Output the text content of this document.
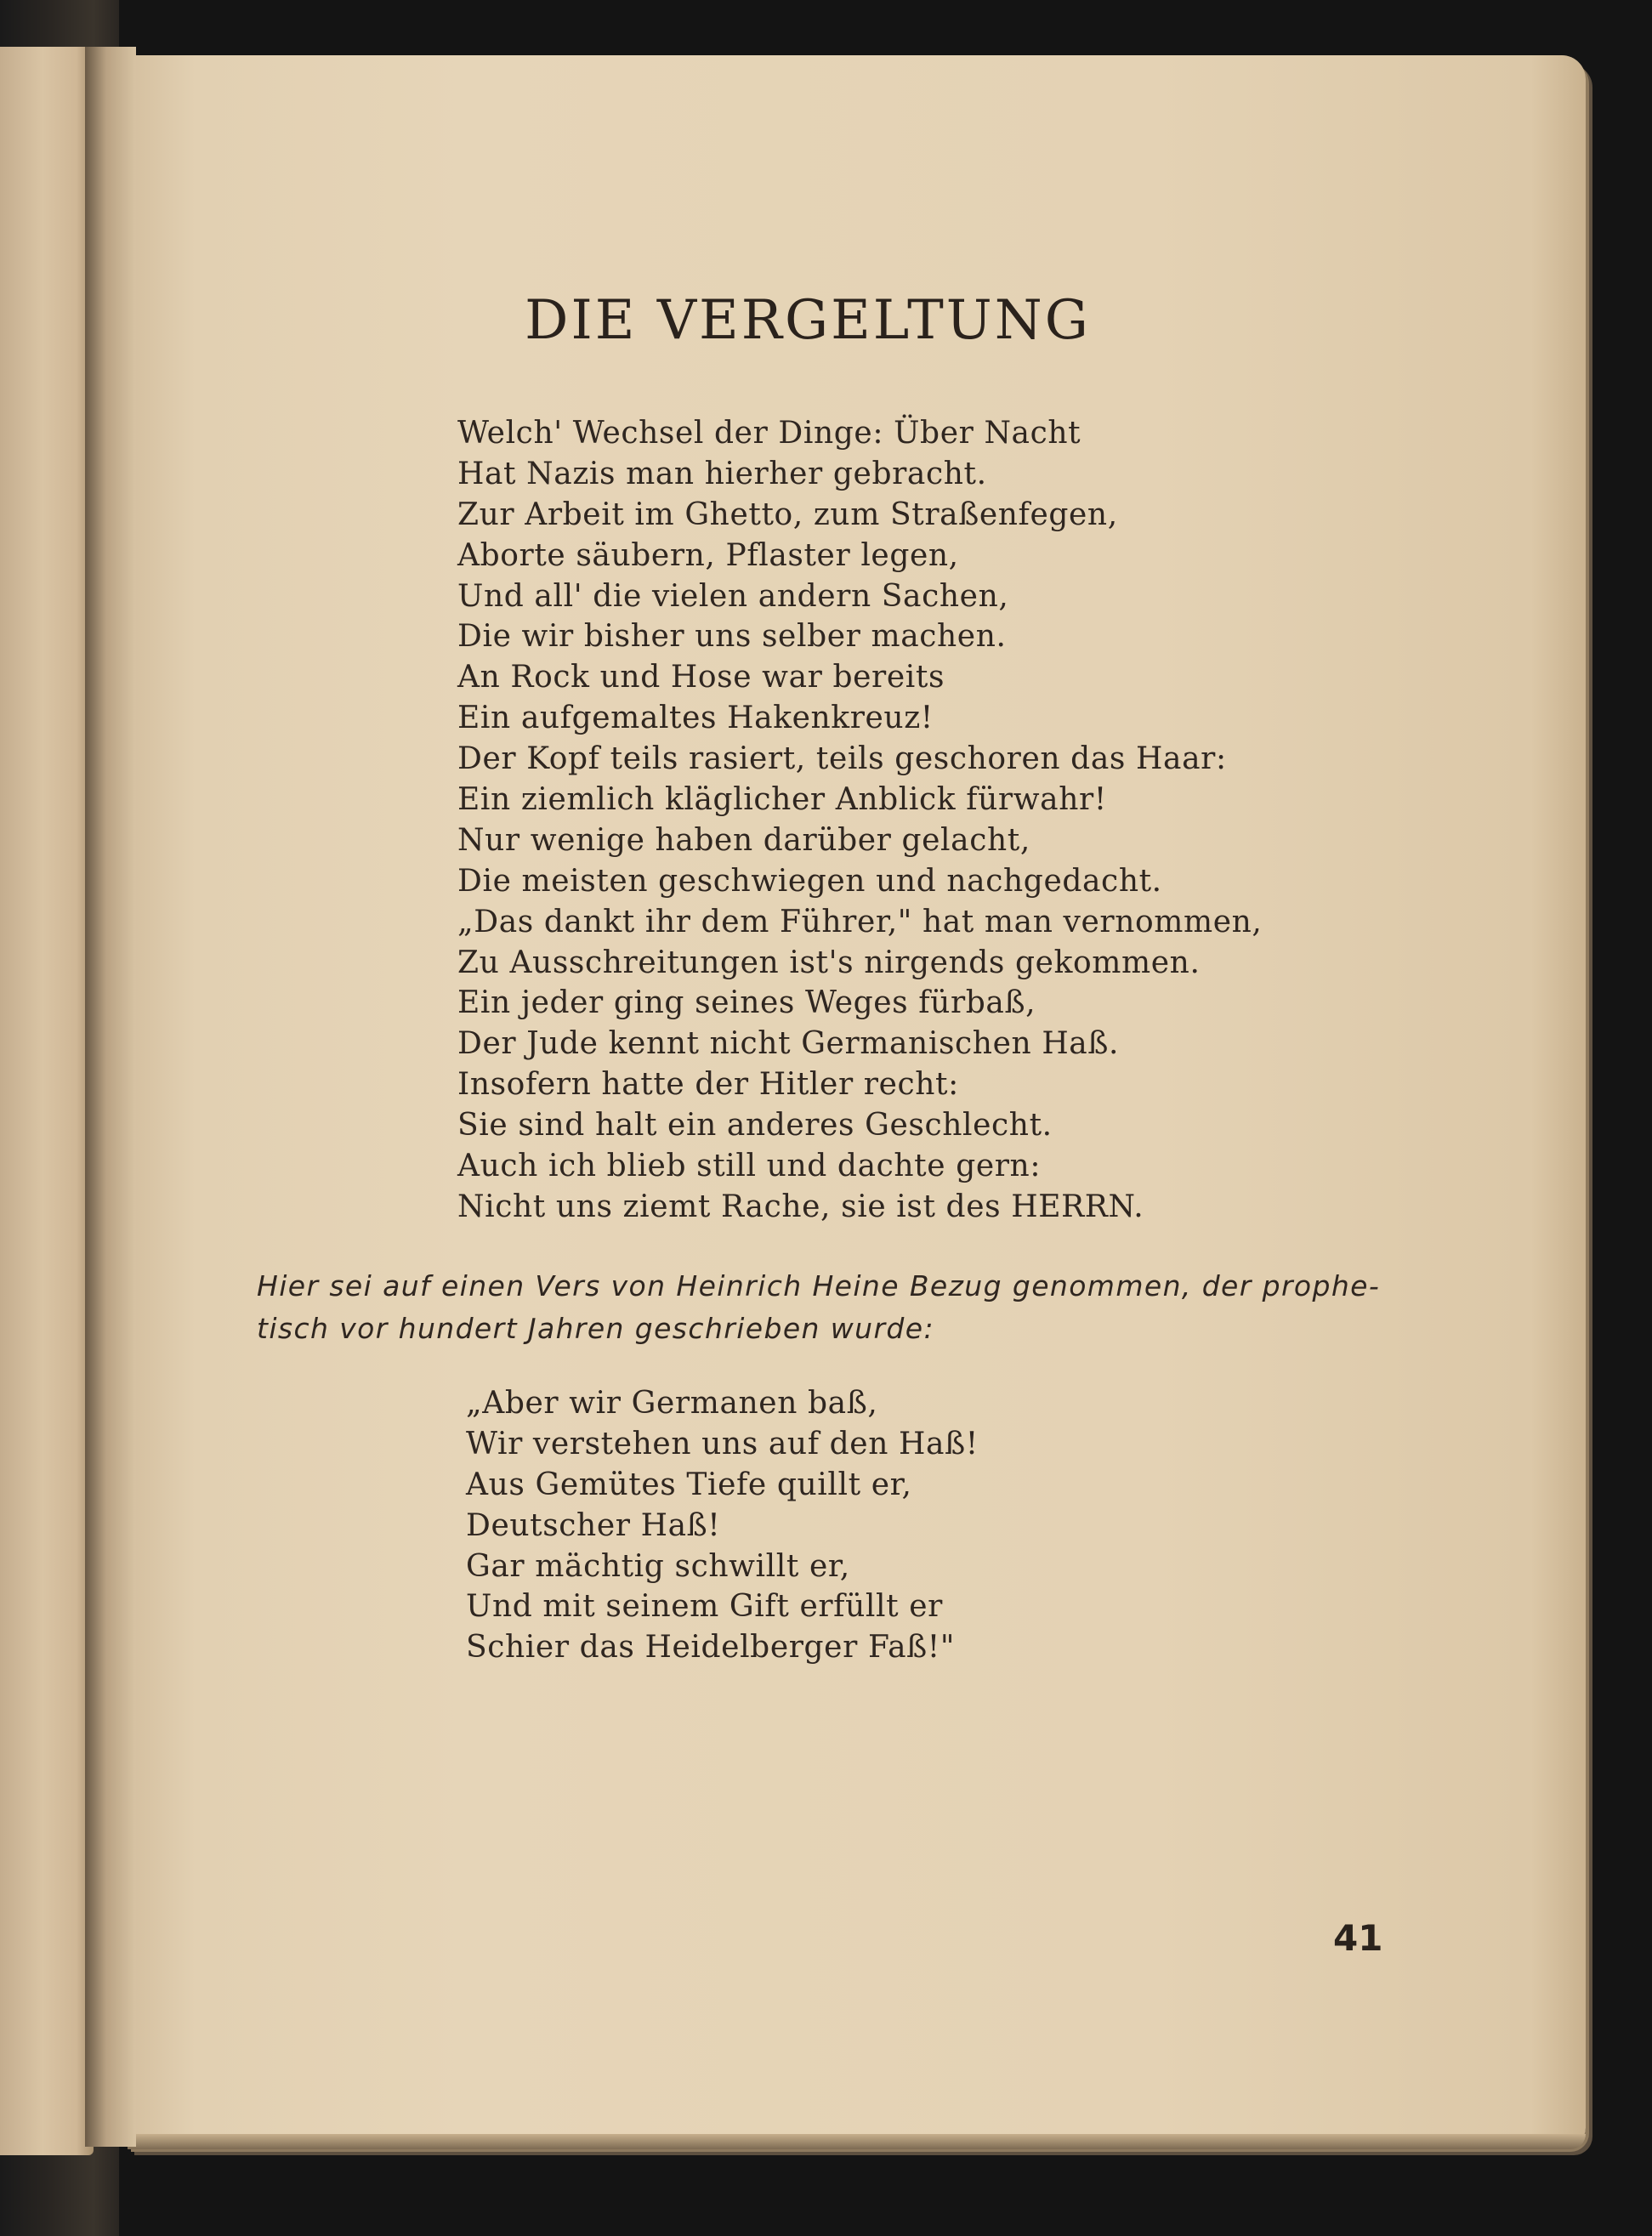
DIE VERGELTUNG
Welch' Wechsel der Dinge: Über Nacht
Hat Nazis man hierher gebracht.
Zur Arbeit im Ghetto, zum Straßenfegen,
Aborte säubern, Pflaster legen,
Und all' die vielen andern Sachen,
Die wir bisher uns selber machen.
An Rock und Hose war bereits
Ein aufgemaltes Hakenkreuz!
Der Kopf teils rasiert, teils geschoren das Haar:
Ein ziemlich kläglicher Anblick fürwahr!
Nur wenige haben darüber gelacht,
Die meisten geschwiegen und nachgedacht.
„Das dankt ihr dem Führer," hat man vernommen,
Zu Ausschreitungen ist's nirgends gekommen.
Ein jeder ging seines Weges fürbaß,
Der Jude kennt nicht Germanischen Haß.
Insofern hatte der Hitler recht:
Sie sind halt ein anderes Geschlecht.
Auch ich blieb still und dachte gern:
Nicht uns ziemt Rache, sie ist des HERRN.

Hier sei auf einen Vers von Heinrich Heine Bezug genommen, der prophe-
tisch vor hundert Jahren geschrieben wurde:

„Aber wir Germanen baß,
Wir verstehen uns auf den Haß!
Aus Gemütes Tiefe quillt er,
Deutscher Haß!
Gar mächtig schwillt er,
Und mit seinem Gift erfüllt er
Schier das Heidelberger Faß!"
41
